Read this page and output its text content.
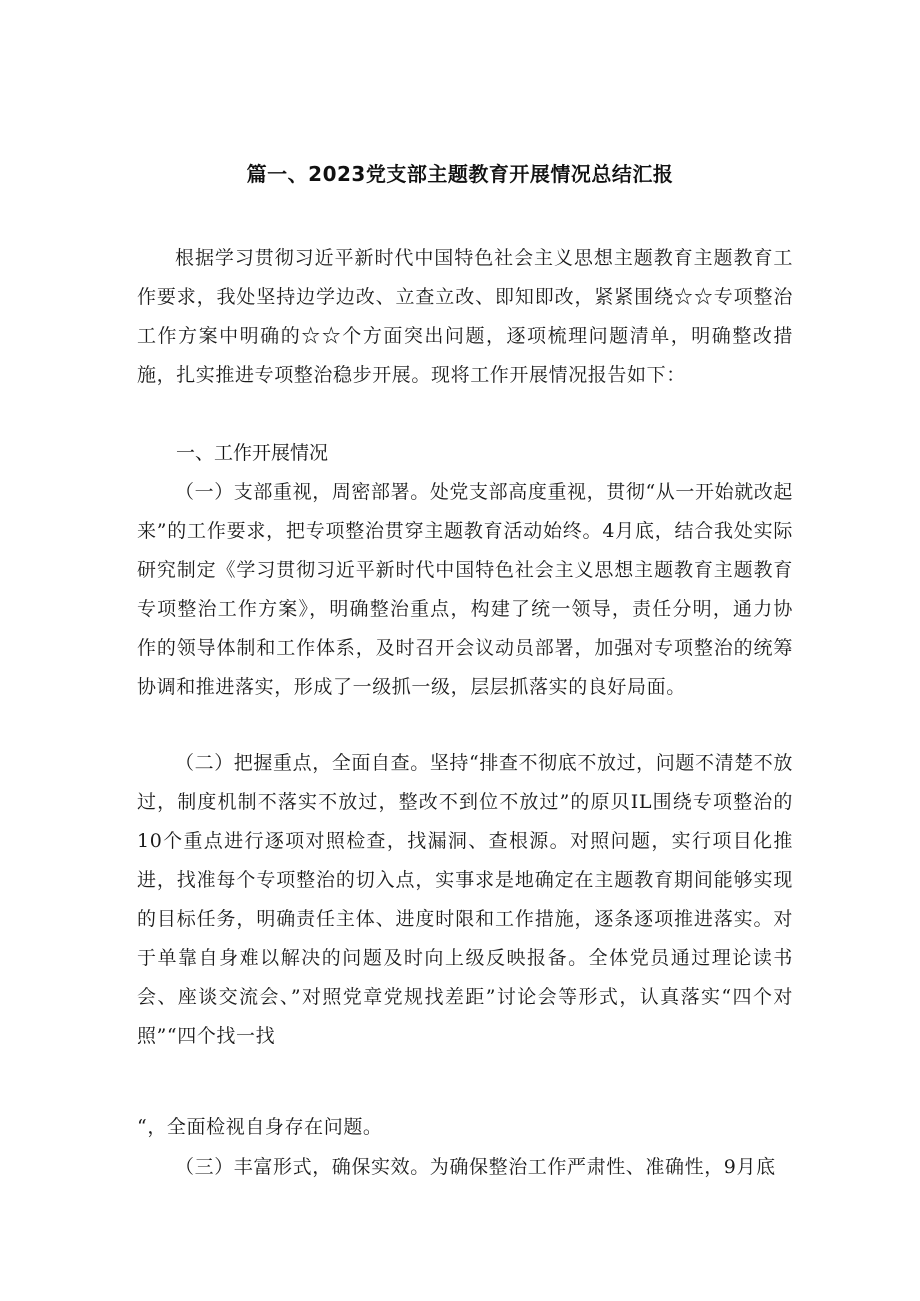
篇一、2023党支部主题教育开展情况总结汇报

根据学习贯彻习近平新时代中国特色社会主义思想主题教育主题教育工作要求，我处坚持边学边改、立查立改、即知即改，紧紧围绕☆☆专项整治工作方案中明确的☆☆个方面突出问题，逐项梳理问题清单，明确整改措施，扎实推进专项整治稳步开展。现将工作开展情况报告如下：

一、工作开展情况

（一）支部重视，周密部署。处党支部高度重视，贯彻“从一开始就改起来”的工作要求，把专项整治贯穿主题教育活动始终。4月底，结合我处实际研究制定《学习贯彻习近平新时代中国特色社会主义思想主题教育主题教育专项整治工作方案》，明确整治重点，构建了统一领导，责任分明，通力协作的领导体制和工作体系，及时召开会议动员部署，加强对专项整治的统筹协调和推进落实，形成了一级抓一级，层层抓落实的良好局面。

（二）把握重点，全面自查。坚持“排查不彻底不放过，问题不清楚不放过，制度机制不落实不放过，整改不到位不放过”的原贝IL围绕专项整治的10个重点进行逐项对照检查，找漏洞、查根源。对照问题，实行项目化推进，找准每个专项整治的切入点，实事求是地确定在主题教育期间能够实现的目标任务，明确责任主体、进度时限和工作措施，逐条逐项推进落实。对于单靠自身难以解决的问题及时向上级反映报备。全体党员通过理论读书会、座谈交流会、”对照党章党规找差距”讨论会等形式，认真落实“四个对照”“四个找一找

“，全面检视自身存在问题。

（三）丰富形式，确保实效。为确保整治工作严肃性、准确性，9月底
